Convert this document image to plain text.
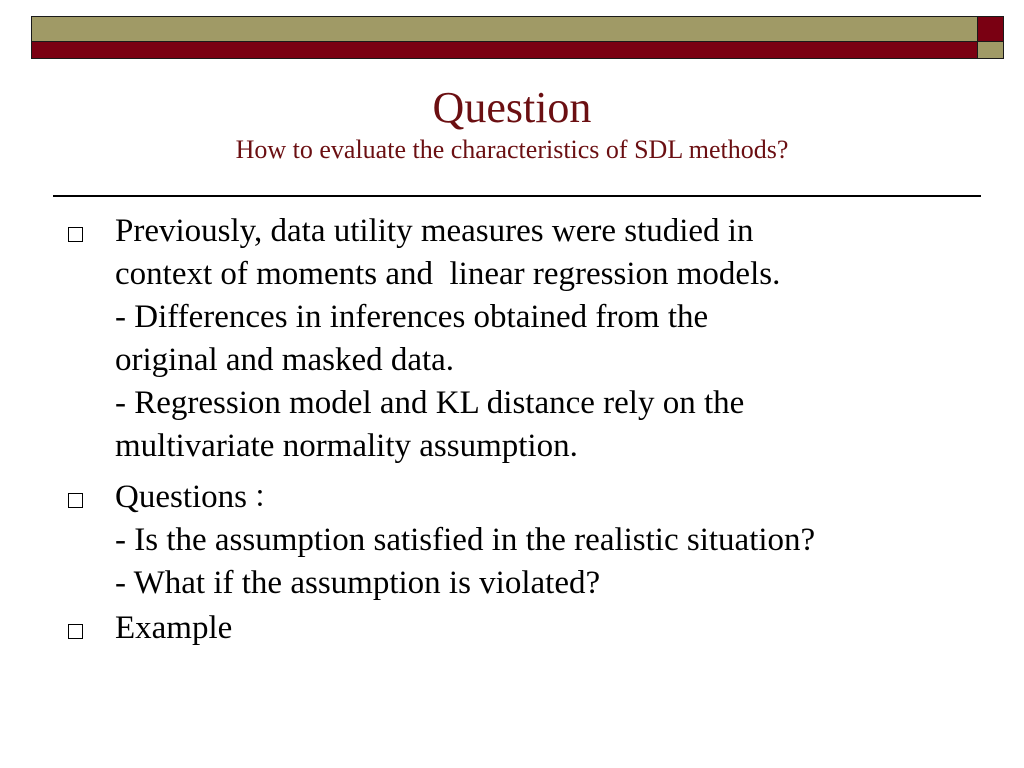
Question
How to evaluate the characteristics of SDL methods?
Previously, data utility measures were studied in
context of moments and  linear regression models.
- Differences in inferences obtained from the
original and masked data.
- Regression model and KL distance rely on the
multivariate normality assumption.
Questions ：
- Is the assumption satisfied in the realistic situation?
- What if the assumption is violated?
Example
